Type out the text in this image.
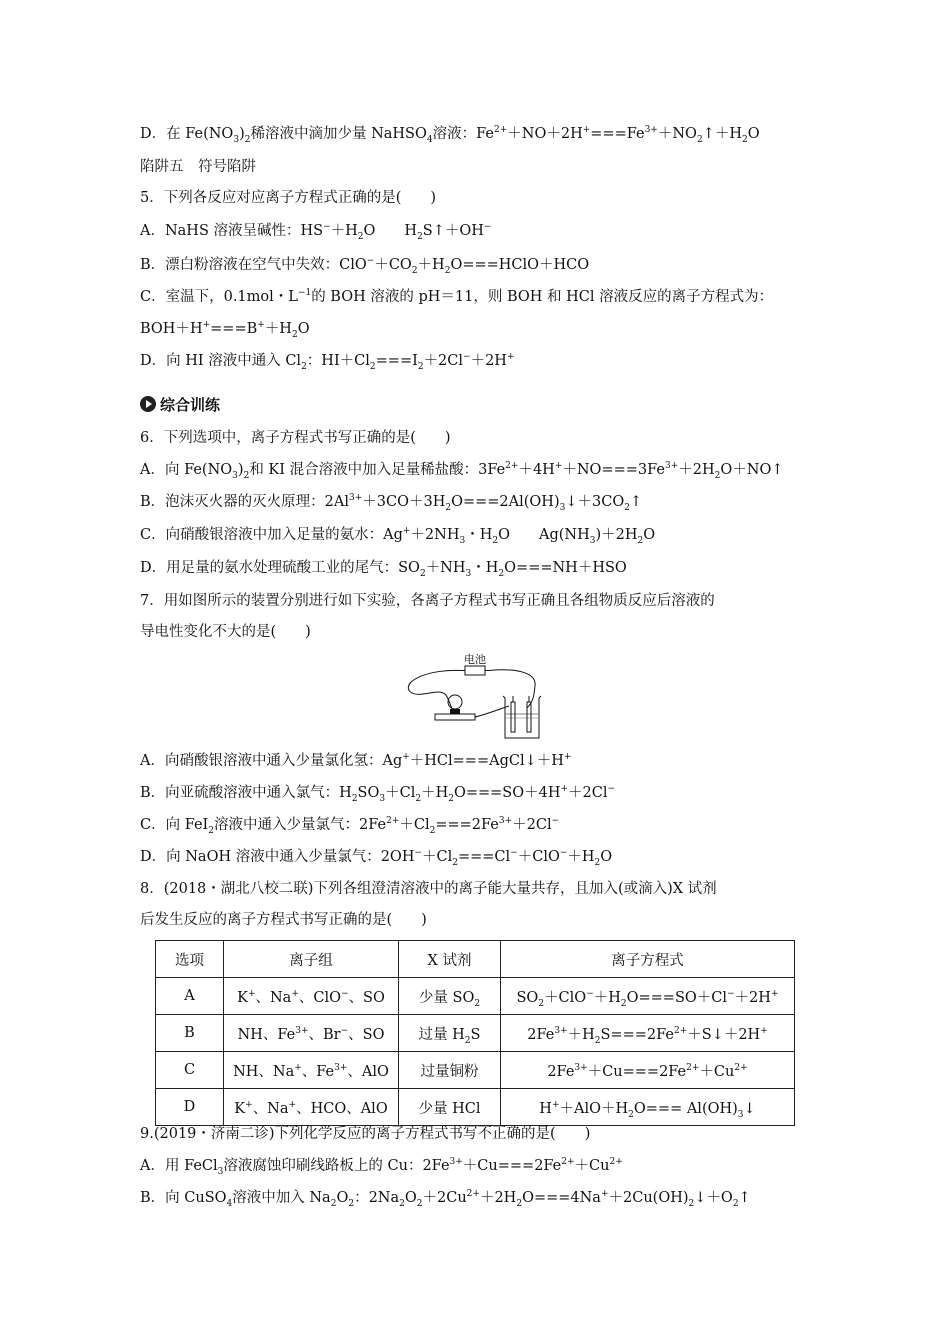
D．在 $Fe(NO_3)_2$稀溶液中滴加少量 NaHSO$_4$溶液：$Fe^{2+}+NO+2H^+===Fe^{3+}+NO_2↑+H_2O$
陷阱五　符号陷阱
5．下列各反应对应离子方程式正确的是(　　)
A．NaHS 溶液呈碱性：$HS^-+H_2O$　　$H_2S↑+OH^-$
B．漂白粉溶液在空气中失效：$ClO^-+CO_2+H_2O===HClO+HCO$
C．室温下，0.1mol・$L^{-1}$的 BOH 溶液的 pH＝11，则 BOH 和 HCl 溶液反应的离子方程式为：
$BOH+H^+===B^++H_2O$
D．向 HI 溶液中通入 $Cl_2$：$HI+Cl_2===I_2+2Cl^-+2H^+$
综合训练
6．下列选项中，离子方程式书写正确的是(　　)
A．向 $Fe(NO_3)_2$和 KI 混合溶液中加入足量稀盐酸：$3Fe^{2+}+4H^++NO===3Fe^{3+}+2H_2O+NO↑$
B．泡沫灭火器的灭火原理：$2Al^{3+}+3CO+3H_2O===2Al(OH)_3↓+3CO_2↑$
C．向硝酸银溶液中加入足量的氨水：$Ag^++2NH_3$・$H_2O$　　$Ag(NH_3)+2H_2O$
D．用足量的氨水处理硫酸工业的尾气：$SO_2+NH_3$・$H_2O===NH+HSO$
7．用如图所示的装置分别进行如下实验，各离子方程式书写正确且各组物质反应后溶液的
导电性变化不大的是(　　)
电池
A．向硝酸银溶液中通入少量氯化氢：Ag+＋HCl===AgCl↓＋H+
B．向亚硫酸溶液中通入氯气：$H_2SO_3+Cl_2+H_2O===SO+4H^++2Cl^-$
C．向 FeI$_2$溶液中通入少量氯气：$2Fe^{2+}+Cl_2===2Fe^{3+}+2Cl^-$
D．向 NaOH 溶液中通入少量氯气：$2OH^-+Cl_2===Cl^-+ClO^-+H_2O$
8．(2018・湖北八校二联)下列各组澄清溶液中的离子能大量共存，且加入(或滴入)X 试剂
后发生反应的离子方程式书写正确的是(　　)
选项	离子组	X 试剂	离子方程式
A	K+、Na+、ClO−、SO	少量 $SO_2$	$SO_2+ClO^-+H_2O===SO+Cl^-+2H^+$
B	NH、$Fe^{3+}$、Br−、SO	过量 $H_2S$	$2Fe^{3+}+H_2S===2Fe^{2+}+S↓+2H^+$
C	NH、Na+、$Fe^{3+}$、AlO	过量铜粉	$2Fe^{3+}+Cu===2Fe^{2+}+Cu^{2+}$
D	K+、Na+、HCO、AlO	少量 HCl	$H^++AlO+H_2O===$ $Al(OH)_3↓$
9.(2019・济南二诊)下列化学反应的离子方程式书写不正确的是(　　)
A．用 FeCl$_3$溶液腐蚀印刷线路板上的 Cu：$2Fe^{3+}+Cu===2Fe^{2+}+Cu^{2+}$
B．向 CuSO$_4$溶液中加入 $Na_2O_2$：$2Na_2O_2+2Cu^{2+}+2H_2O===4Na^++2Cu(OH)_2↓+O_2↑$
